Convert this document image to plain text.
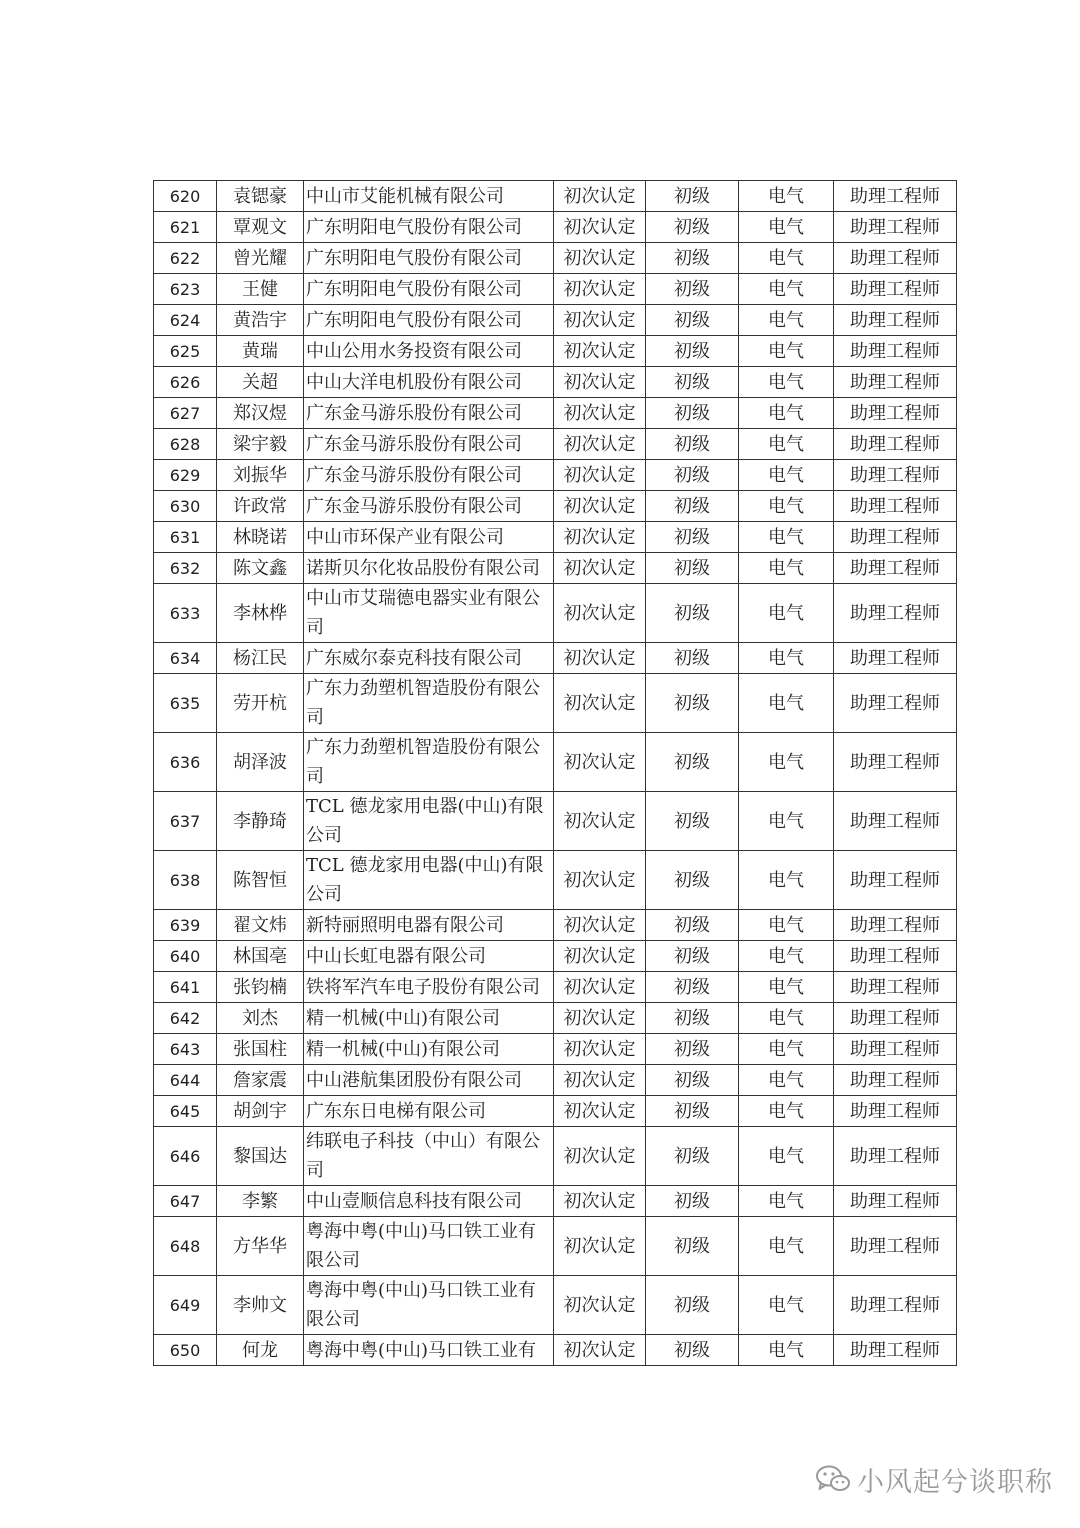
620	袁锶豪	中山市艾能机械有限公司	初次认定	初级	电气	助理工程师
621	覃观文	广东明阳电气股份有限公司	初次认定	初级	电气	助理工程师
622	曾光耀	广东明阳电气股份有限公司	初次认定	初级	电气	助理工程师
623	王健	广东明阳电气股份有限公司	初次认定	初级	电气	助理工程师
624	黄浩宇	广东明阳电气股份有限公司	初次认定	初级	电气	助理工程师
625	黄瑞	中山公用水务投资有限公司	初次认定	初级	电气	助理工程师
626	关超	中山大洋电机股份有限公司	初次认定	初级	电气	助理工程师
627	郑汉煜	广东金马游乐股份有限公司	初次认定	初级	电气	助理工程师
628	梁宇毅	广东金马游乐股份有限公司	初次认定	初级	电气	助理工程师
629	刘振华	广东金马游乐股份有限公司	初次认定	初级	电气	助理工程师
630	许政常	广东金马游乐股份有限公司	初次认定	初级	电气	助理工程师
631	林晓诺	中山市环保产业有限公司	初次认定	初级	电气	助理工程师
632	陈文鑫	诺斯贝尔化妆品股份有限公司	初次认定	初级	电气	助理工程师
633	李林桦	中山市艾瑞德电器实业有限公司	初次认定	初级	电气	助理工程师
634	杨江民	广东威尔泰克科技有限公司	初次认定	初级	电气	助理工程师
635	劳开杭	广东力劲塑机智造股份有限公司	初次认定	初级	电气	助理工程师
636	胡泽波	广东力劲塑机智造股份有限公司	初次认定	初级	电气	助理工程师
637	李静琦	TCL 德龙家用电器(中山)有限公司	初次认定	初级	电气	助理工程师
638	陈智恒	TCL 德龙家用电器(中山)有限公司	初次认定	初级	电气	助理工程师
639	翟文炜	新特丽照明电器有限公司	初次认定	初级	电气	助理工程师
640	林国亳	中山长虹电器有限公司	初次认定	初级	电气	助理工程师
641	张钧楠	铁将军汽车电子股份有限公司	初次认定	初级	电气	助理工程师
642	刘杰	精一机械(中山)有限公司	初次认定	初级	电气	助理工程师
643	张国柱	精一机械(中山)有限公司	初次认定	初级	电气	助理工程师
644	詹家震	中山港航集团股份有限公司	初次认定	初级	电气	助理工程师
645	胡剑宇	广东东日电梯有限公司	初次认定	初级	电气	助理工程师
646	黎国达	纬联电子科技（中山）有限公司	初次认定	初级	电气	助理工程师
647	李繁	中山壹顺信息科技有限公司	初次认定	初级	电气	助理工程师
648	方华华	粤海中粤(中山)马口铁工业有限公司	初次认定	初级	电气	助理工程师
649	李帅文	粤海中粤(中山)马口铁工业有限公司	初次认定	初级	电气	助理工程师
650	何龙	粤海中粤(中山)马口铁工业有	初次认定	初级	电气	助理工程师
小风起兮谈职称
